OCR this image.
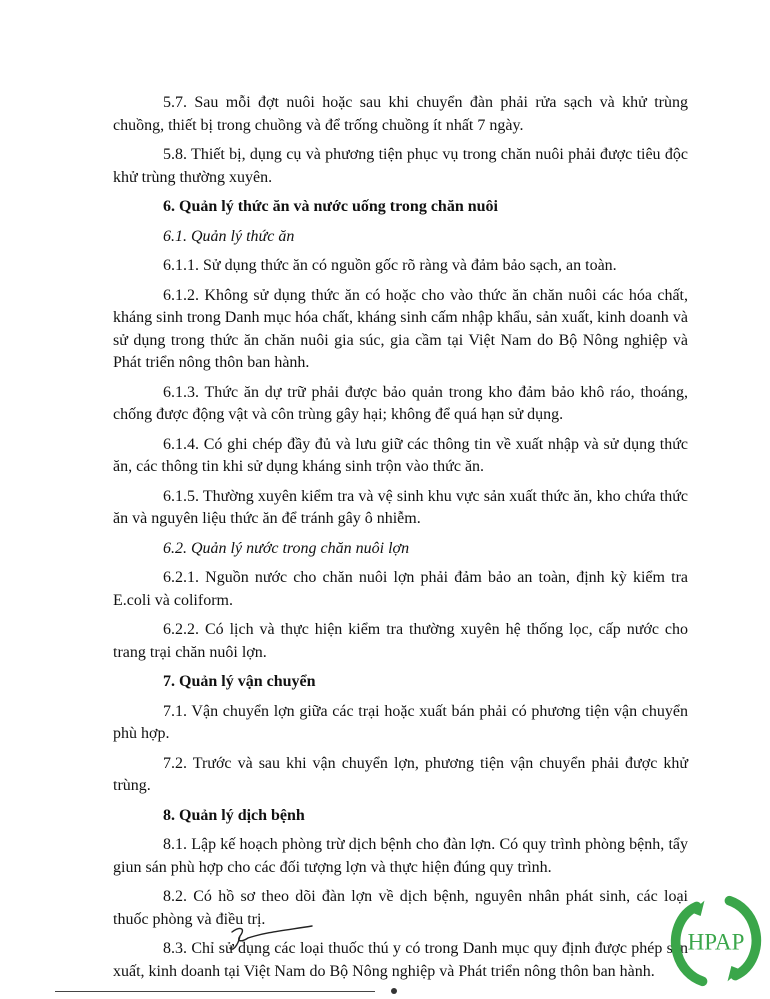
5.7. Sau mỗi đợt nuôi hoặc sau khi chuyển đàn phải rửa sạch và khử trùng chuồng, thiết bị trong chuồng và để trống chuồng ít nhất 7 ngày.

5.8. Thiết bị, dụng cụ và phương tiện phục vụ trong chăn nuôi phải được tiêu độc khử trùng thường xuyên.

6. Quản lý thức ăn và nước uống trong chăn nuôi

6.1. Quản lý thức ăn

6.1.1. Sử dụng thức ăn có nguồn gốc rõ ràng và đảm bảo sạch, an toàn.

6.1.2. Không sử dụng thức ăn có hoặc cho vào thức ăn chăn nuôi các hóa chất, kháng sinh trong Danh mục hóa chất, kháng sinh cấm nhập khẩu, sản xuất, kinh doanh và sử dụng trong thức ăn chăn nuôi gia súc, gia cầm tại Việt Nam do Bộ Nông nghiệp và Phát triển nông thôn ban hành.

6.1.3. Thức ăn dự trữ phải được bảo quản trong kho đảm bảo khô ráo, thoáng, chống được động vật và côn trùng gây hại; không để quá hạn sử dụng.

6.1.4. Có ghi chép đầy đủ và lưu giữ các thông tin về xuất nhập và sử dụng thức ăn, các thông tin khi sử dụng kháng sinh trộn vào thức ăn.

6.1.5. Thường xuyên kiểm tra và vệ sinh khu vực sản xuất thức ăn, kho chứa thức ăn và nguyên liệu thức ăn để tránh gây ô nhiễm.

6.2. Quản lý nước trong chăn nuôi lợn

6.2.1. Nguồn nước cho chăn nuôi lợn phải đảm bảo an toàn, định kỳ kiểm tra E.coli và coliform.

6.2.2. Có lịch và thực hiện kiểm tra thường xuyên hệ thống lọc, cấp nước cho trang trại chăn nuôi lợn.

7. Quản lý vận chuyển

7.1. Vận chuyển lợn giữa các trại hoặc xuất bán phải có phương tiện vận chuyển phù hợp.

7.2. Trước và sau khi vận chuyển lợn, phương tiện vận chuyển phải được khử trùng.

8. Quản lý dịch bệnh

8.1. Lập kế hoạch phòng trừ dịch bệnh cho đàn lợn. Có quy trình phòng bệnh, tẩy giun sán phù hợp cho các đối tượng lợn và thực hiện đúng quy trình.

8.2. Có hồ sơ theo dõi đàn lợn về dịch bệnh, nguyên nhân phát sinh, các loại thuốc phòng và điều trị.

8.3. Chỉ sử dụng các loại thuốc thú y có trong Danh mục quy định được phép sản xuất, kinh doanh tại Việt Nam do Bộ Nông nghiệp và Phát triển nông thôn ban hành.

HPAP
